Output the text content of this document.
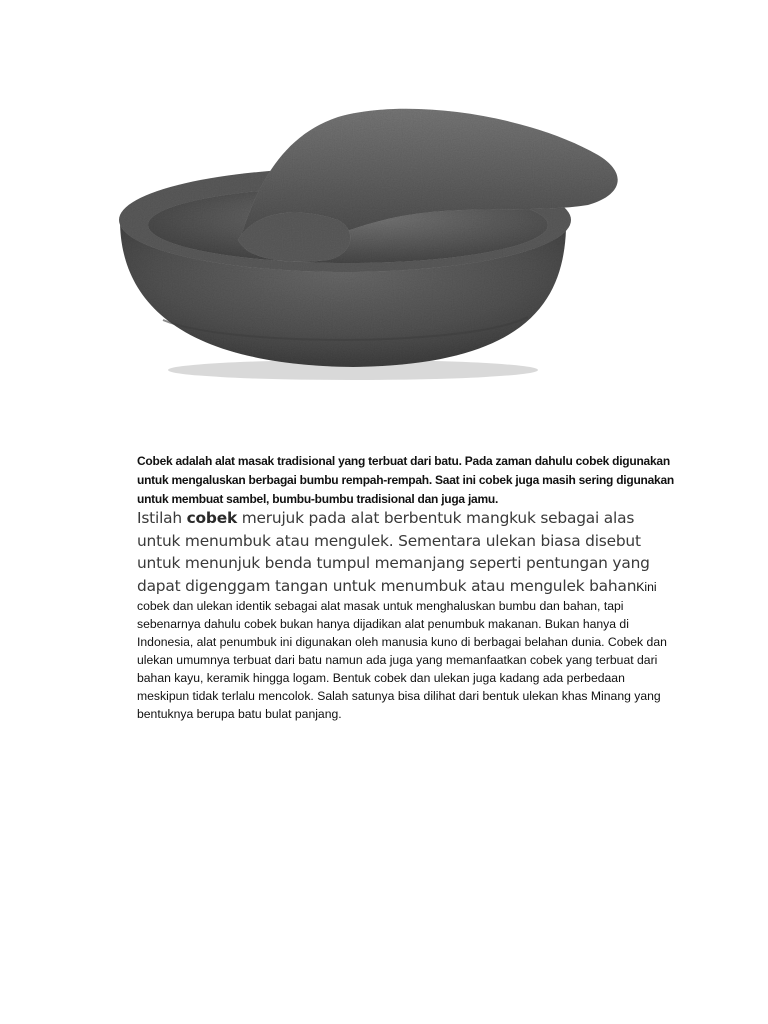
Cobek adalah alat masak tradisional yang terbuat dari batu. Pada zaman dahulu cobek digunakan untuk mengaluskan berbagai bumbu rempah-rempah. Saat ini cobek juga masih sering digunakan untuk membuat sambel, bumbu-bumbu tradisional dan juga jamu.

Istilah cobek merujuk pada alat berbentuk mangkuk sebagai alas untuk menumbuk atau mengulek. Sementara ulekan biasa disebut untuk menunjuk benda tumpul memanjang seperti pentungan yang dapat digenggam tangan untuk menumbuk atau mengulek bahanKini cobek dan ulekan identik sebagai alat masak untuk menghaluskan bumbu dan bahan, tapi sebenarnya dahulu cobek bukan hanya dijadikan alat penumbuk makanan. Bukan hanya di Indonesia, alat penumbuk ini digunakan oleh manusia kuno di berbagai belahan dunia. Cobek dan ulekan umumnya terbuat dari batu namun ada juga yang memanfaatkan cobek yang terbuat dari bahan kayu, keramik hingga logam. Bentuk cobek dan ulekan juga kadang ada perbedaan meskipun tidak terlalu mencolok. Salah satunya bisa dilihat dari bentuk ulekan khas Minang yang bentuknya berupa batu bulat panjang.
